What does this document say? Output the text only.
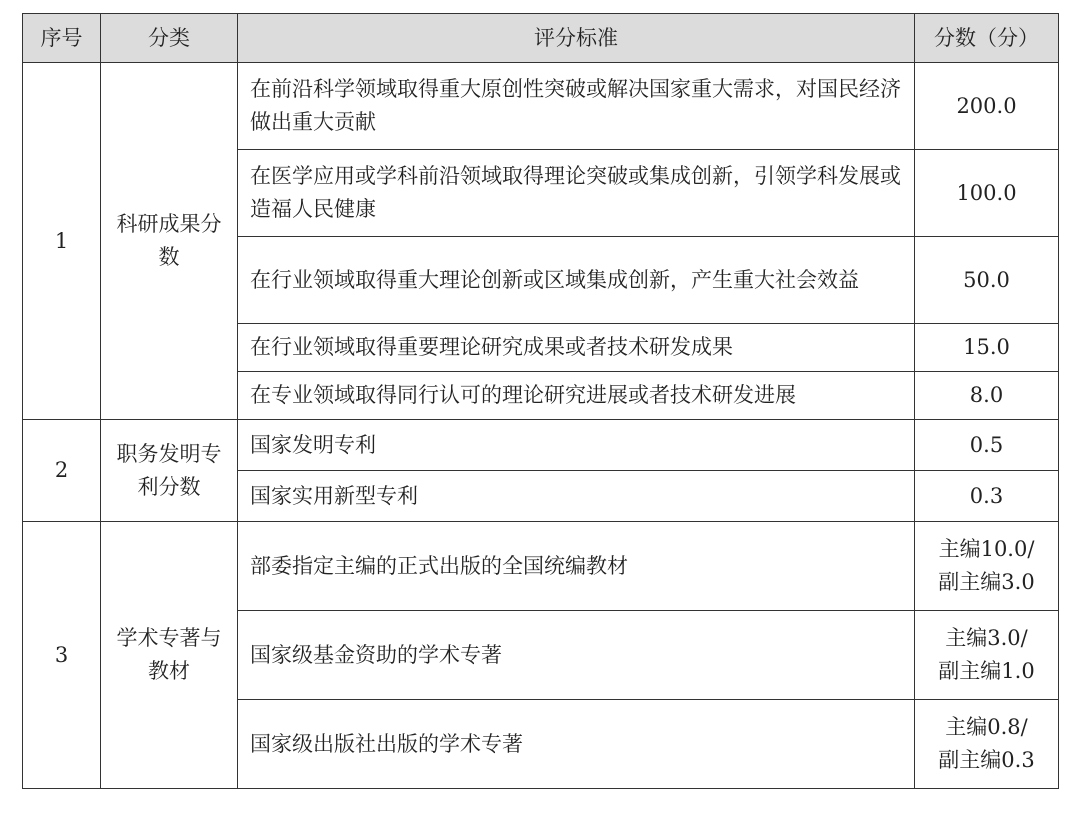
序号	分类	评分标准	分数（分）
1	科研成果分数	在前沿科学领域取得重大原创性突破或解决国家重大需求，对国民经济做出重大贡献	200.0
		在医学应用或学科前沿领域取得理论突破或集成创新，引领学科发展或造福人民健康	100.0
		在行业领域取得重大理论创新或区域集成创新，产生重大社会效益	50.0
		在行业领域取得重要理论研究成果或者技术研发成果	15.0
		在专业领域取得同行认可的理论研究进展或者技术研发进展	8.0
2	职务发明专利分数	国家发明专利	0.5
		国家实用新型专利	0.3
3	学术专著与教材	部委指定主编的正式出版的全国统编教材	主编10.0/
副主编3.0

		国家级基金资助的学术专著	主编3.0/
副主编1.0

		国家级出版社出版的学术专著	主编0.8/
副主编0.3
